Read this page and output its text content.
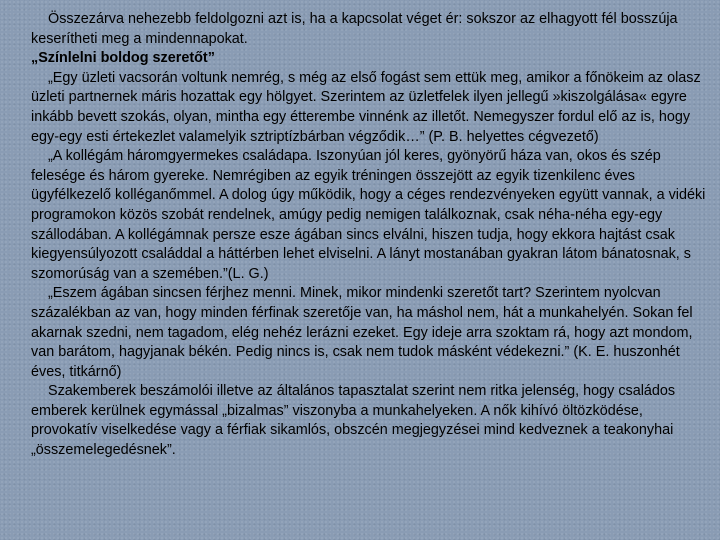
Összezárva nehezebb feldolgozni azt is, ha a kapcsolat véget ér: sokszor az elhagyott fél bosszúja keserítheti meg a mindennapokat.

„Színlelni boldog szeretőt”

„Egy üzleti vacsorán voltunk nemrég, s még az első fogást sem ettük meg, amikor a főnökeim az olasz üzleti partnernek máris hozattak egy hölgyet. Szerintem az üzletfelek ilyen jellegű »kiszolgálása« egyre inkább bevett szokás, olyan, mintha egy étterembe vinnénk az illetőt. Nemegyszer fordul elő az is, hogy egy-egy esti értekezlet valamelyik sztriptízbárban végződik…” (P. B. helyettes cégvezető)

„A kollégám háromgyermekes családapa. Iszonyúan jól keres, gyönyörű háza van, okos és szép felesége és három gyereke. Nemrégiben az egyik tréningen összejött az egyik tizenkilenc éves ügyfélkezelő kolléganőmmel. A dolog úgy működik, hogy a céges rendezvényeken együtt vannak, a vidéki programokon közös szobát rendelnek, amúgy pedig nemigen találkoznak, csak néha-néha egy-egy szállodában. A kollégámnak persze esze ágában sincs elválni, hiszen tudja, hogy ekkora hajtást csak kiegyensúlyozott családdal a háttérben lehet elviselni. A lányt mostanában gyakran látom bánatosnak, s szomorúság van a szemében.”(L. G.)

„Eszem ágában sincsen férjhez menni. Minek, mikor mindenki szeretőt tart? Szerintem nyolcvan százalékban az van, hogy minden férfinak szeretője van, ha máshol nem, hát a munkahelyén. Sokan fel akarnak szedni, nem tagadom, elég nehéz lerázni ezeket. Egy ideje arra szoktam rá, hogy azt mondom, van barátom, hagyjanak békén. Pedig nincs is, csak nem tudok másként védekezni.” (K. E. huszonhét éves, titkárnő)

Szakemberek beszámolói illetve az általános tapasztalat szerint nem ritka jelenség, hogy családos emberek kerülnek egymással „bizalmas” viszonyba a munkahelyeken. A nők kihívó öltözködése, provokatív viselkedése vagy a férfiak sikamlós, obszcén megjegyzései mind kedveznek a teakonyhai „összemelegedésnek”.
